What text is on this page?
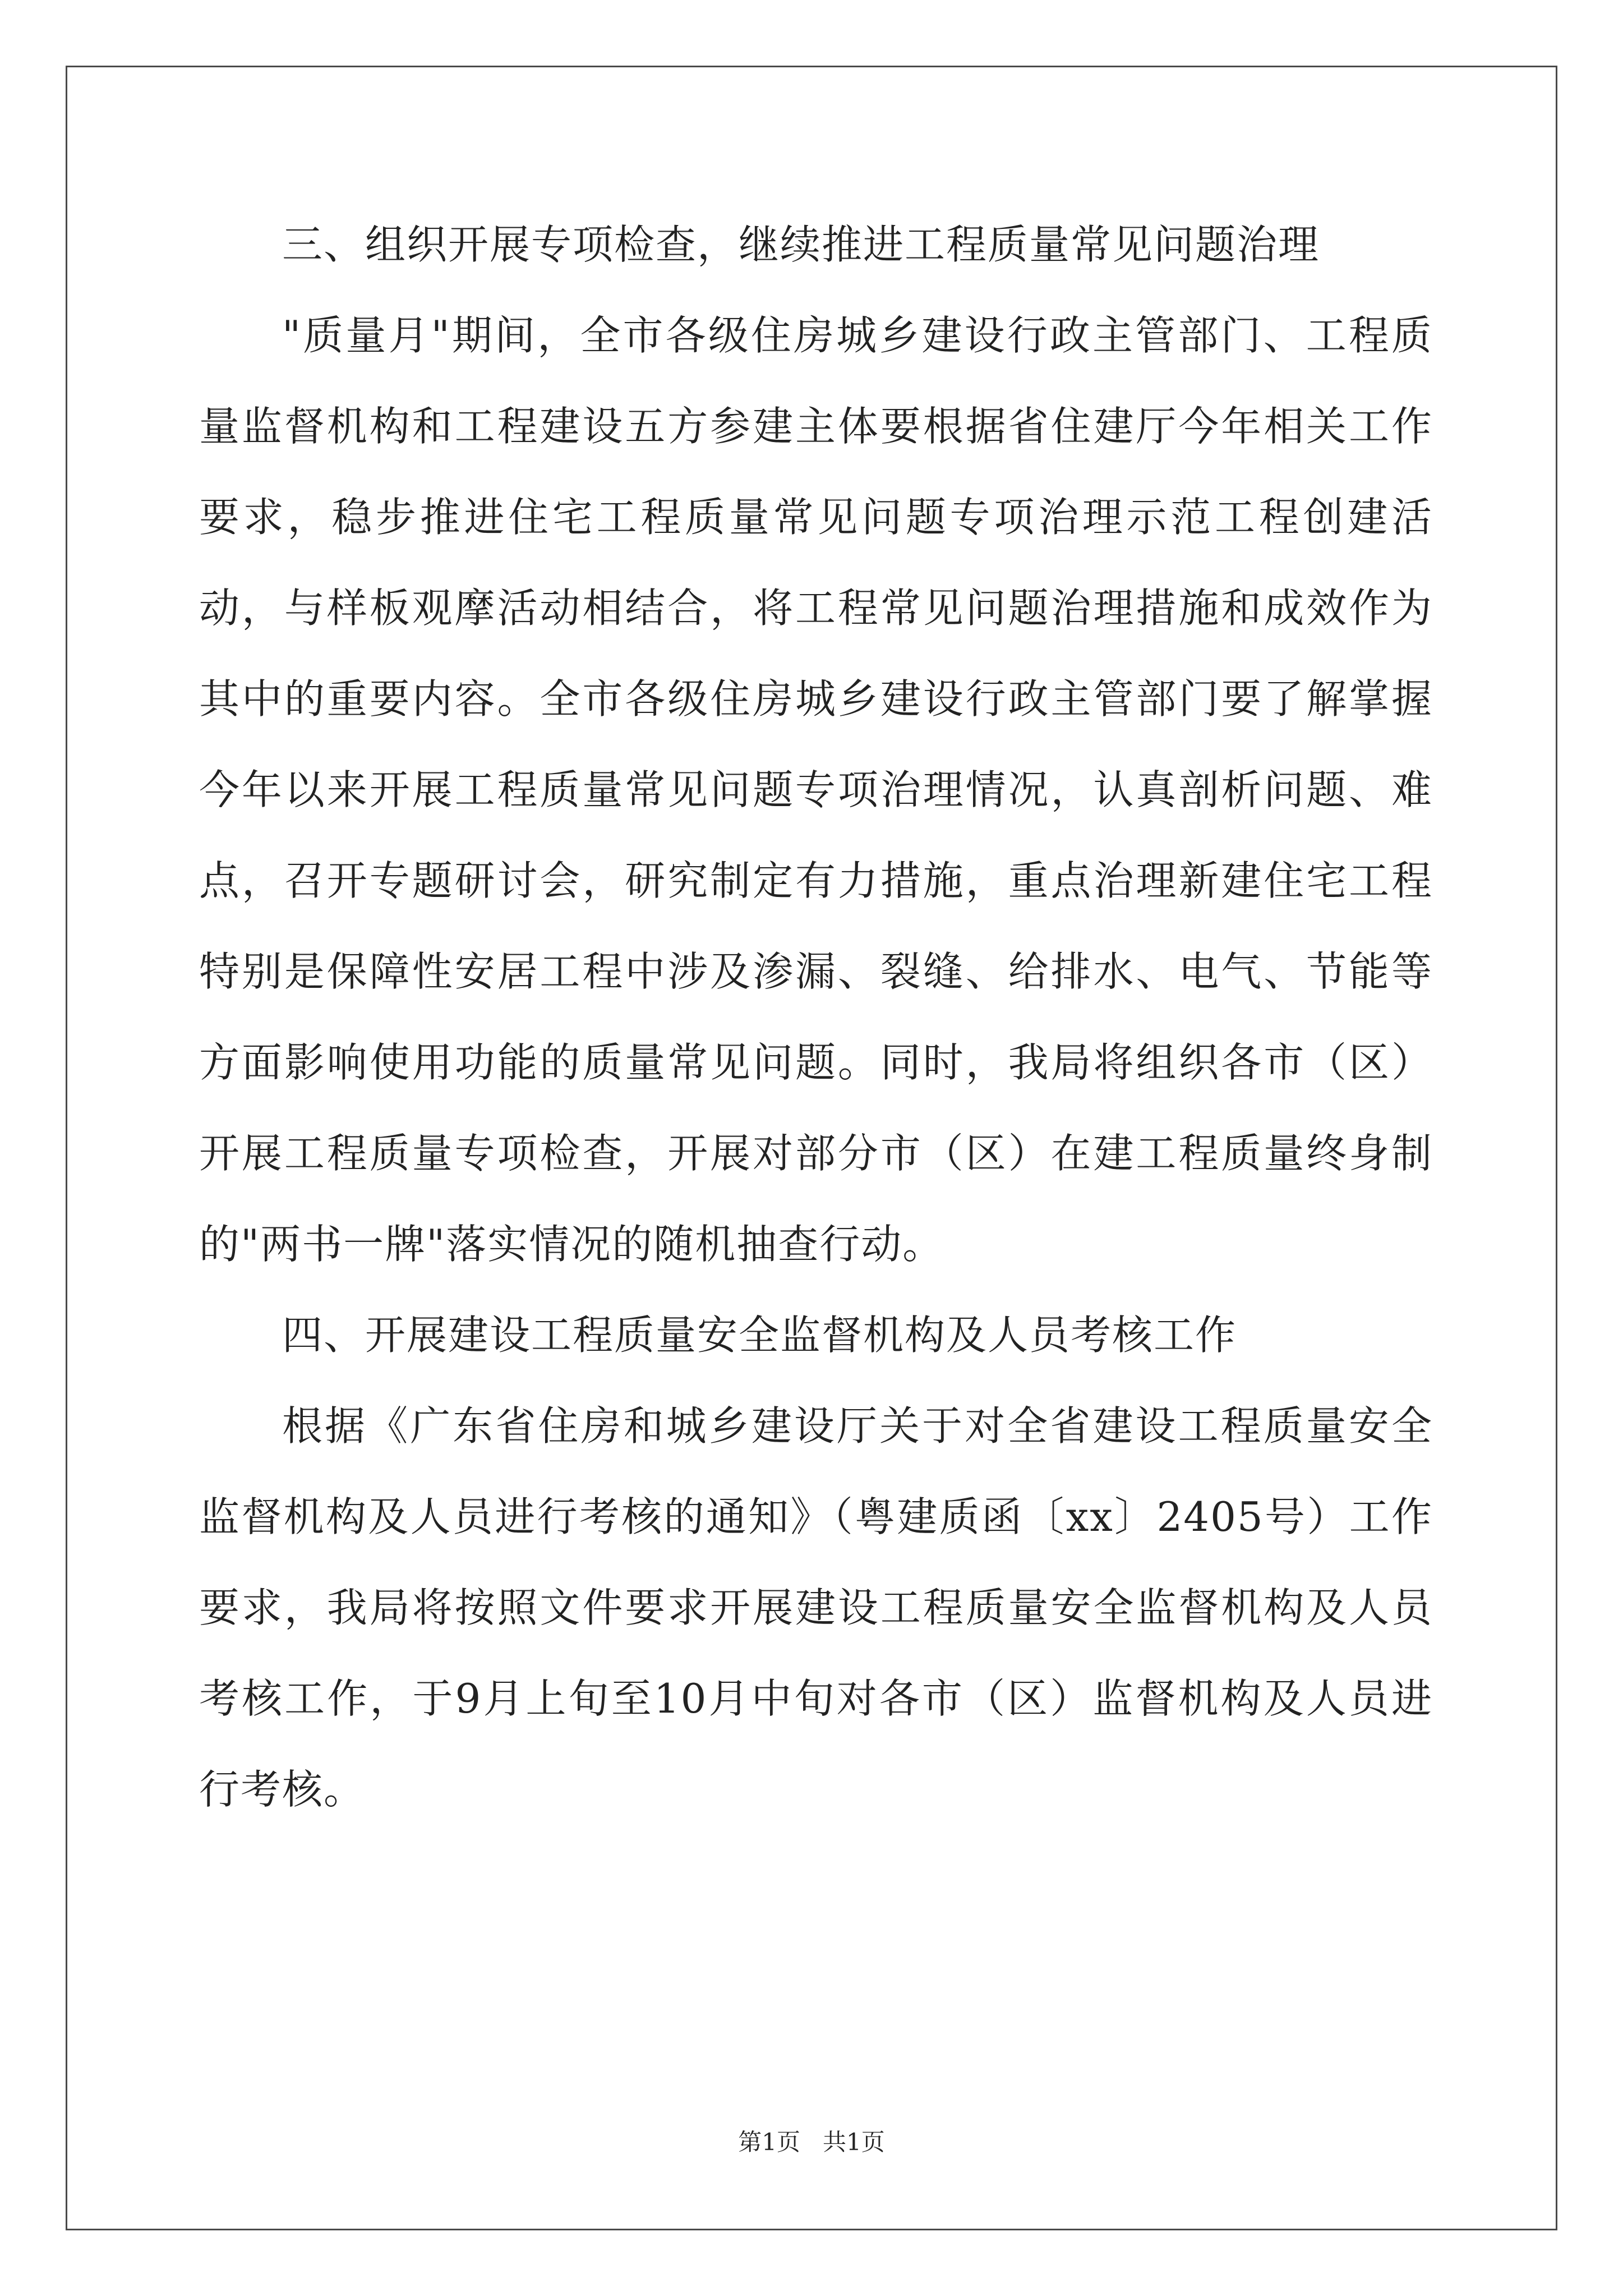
三、组织开展专项检查，继续推进工程质量常见问题治理

"质量月"期间，全市各级住房城乡建设行政主管部门、工程质量监督机构和工程建设五方参建主体要根据省住建厅今年相关工作要求，稳步推进住宅工程质量常见问题专项治理示范工程创建活动，与样板观摩活动相结合，将工程常见问题治理措施和成效作为其中的重要内容。全市各级住房城乡建设行政主管部门要了解掌握今年以来开展工程质量常见问题专项治理情况，认真剖析问题、难点，召开专题研讨会，研究制定有力措施，重点治理新建住宅工程特别是保障性安居工程中涉及渗漏、裂缝、给排水、电气、节能等方面影响使用功能的质量常见问题。同时，我局将组织各市（区）开展工程质量专项检查，开展对部分市（区）在建工程质量终身制的"两书一牌"落实情况的随机抽查行动。

四、开展建设工程质量安全监督机构及人员考核工作

根据《广东省住房和城乡建设厅关于对全省建设工程质量安全监督机构及人员进行考核的通知》（粤建质函〔xx〕2405号）工作要求，我局将按照文件要求开展建设工程质量安全监督机构及人员考核工作，于9月上旬至10月中旬对各市（区）监督机构及人员进行考核。

第1页   共1页
